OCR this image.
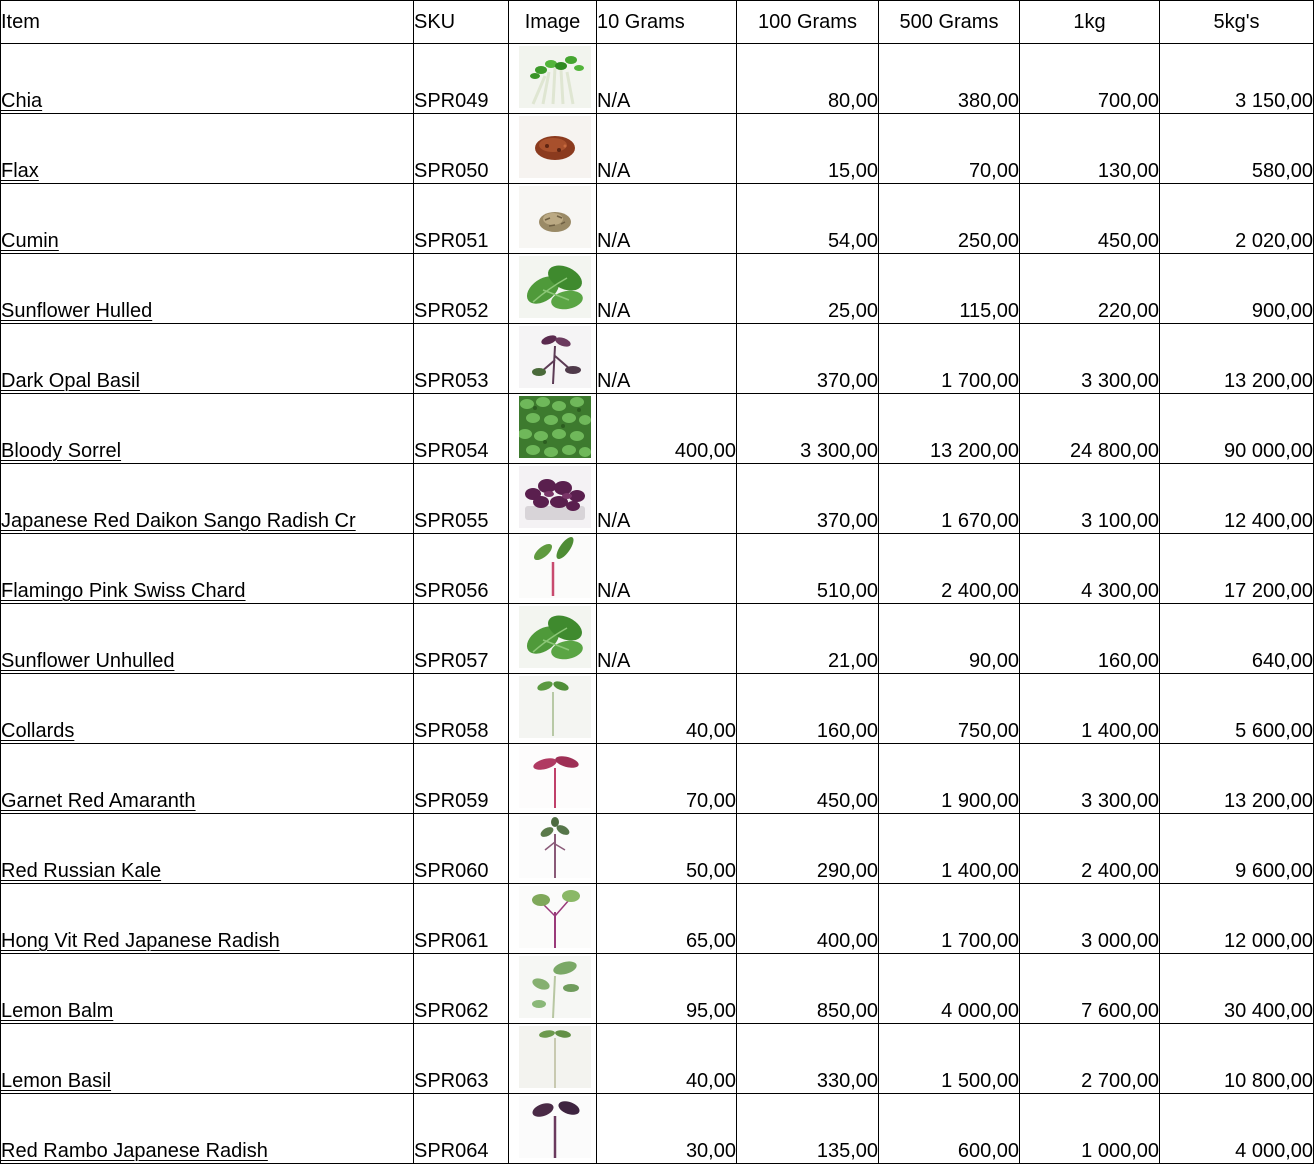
Item	SKU	Image	10 Grams	100 Grams	500 Grams	1kg	5kg's
Chia	SPR049		N/A	80,00	380,00	700,00	3 150,00
Flax	SPR050		N/A	15,00	70,00	130,00	580,00
Cumin	SPR051		N/A	54,00	250,00	450,00	2 020,00
Sunflower Hulled	SPR052		N/A	25,00	115,00	220,00	900,00
Dark Opal Basil	SPR053		N/A	370,00	1 700,00	3 300,00	13 200,00
Bloody Sorrel	SPR054		400,00	3 300,00	13 200,00	24 800,00	90 000,00
Japanese Red Daikon Sango Radish Cr	SPR055		N/A	370,00	1 670,00	3 100,00	12 400,00
Flamingo Pink Swiss Chard	SPR056		N/A	510,00	2 400,00	4 300,00	17 200,00
Sunflower Unhulled	SPR057		N/A	21,00	90,00	160,00	640,00
Collards	SPR058		40,00	160,00	750,00	1 400,00	5 600,00
Garnet Red Amaranth	SPR059		70,00	450,00	1 900,00	3 300,00	13 200,00
Red Russian Kale	SPR060		50,00	290,00	1 400,00	2 400,00	9 600,00
Hong Vit Red Japanese Radish	SPR061		65,00	400,00	1 700,00	3 000,00	12 000,00
Lemon Balm	SPR062		95,00	850,00	4 000,00	7 600,00	30 400,00
Lemon Basil	SPR063		40,00	330,00	1 500,00	2 700,00	10 800,00
Red Rambo Japanese Radish	SPR064		30,00	135,00	600,00	1 000,00	4 000,00
